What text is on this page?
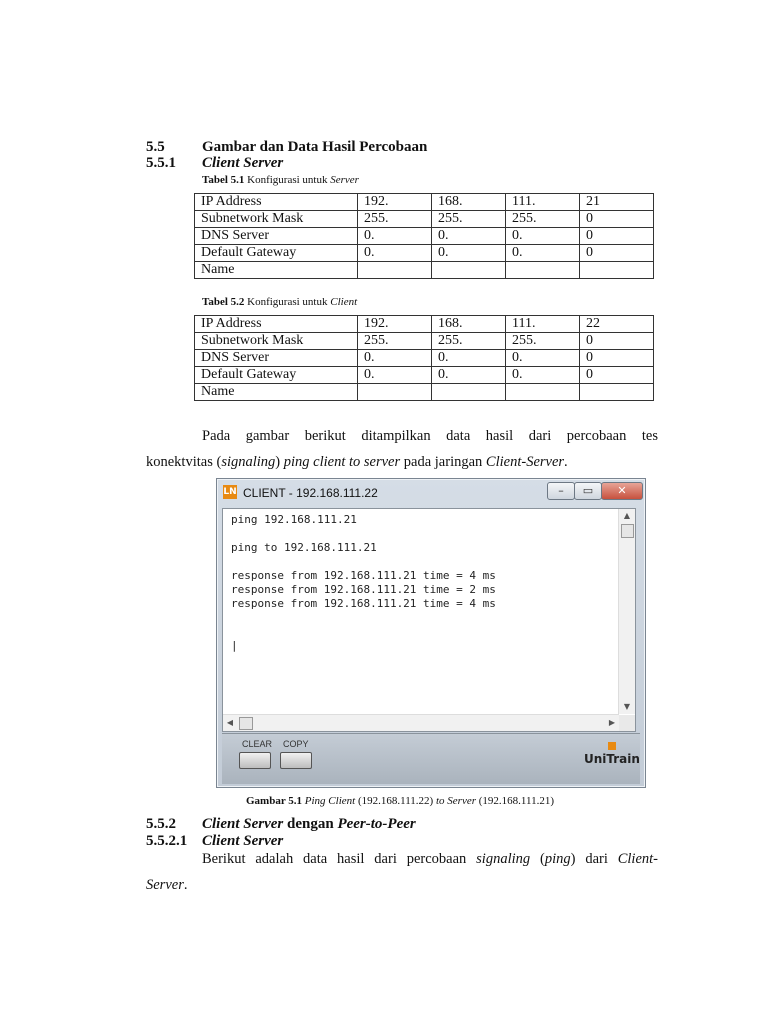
5.5 Gambar dan Data Hasil Percobaan
5.5.1 Client Server
Tabel 5.1 Konfigurasi untuk Server
IP Address	192.	168.	111.	21
Subnetwork Mask	255.	255.	255.	0
DNS Server	0.	0.	0.	0
Default Gateway	0.	0.	0.	0
Name				
Tabel 5.2 Konfigurasi untuk Client
IP Address	192.	168.	111.	22
Subnetwork Mask	255.	255.	255.	0
DNS Server	0.	0.	0.	0
Default Gateway	0.	0.	0.	0
Name				
Pada gambar berikut ditampilkan data hasil dari percobaan tes
konektvitas (signaling) ping client to server pada jaringan Client-Server.
LN CLIENT - 192.168.111.22	–	▭	✕
ping 192.168.111.21
ping to 192.168.111.21
response from 192.168.111.21 time = 4 ms
response from 192.168.111.21 time = 2 ms
response from 192.168.111.21 time = 4 ms
|
▲
▼
◀	▶
CLEAR COPY
UniTrain
Gambar 5.1 Ping Client (192.168.111.22) to Server (192.168.111.21)
5.5.2 Client Server dengan Peer-to-Peer
5.5.2.1 Client Server
Berikut adalah data hasil dari percobaan signaling (ping) dari Client-
Server.
